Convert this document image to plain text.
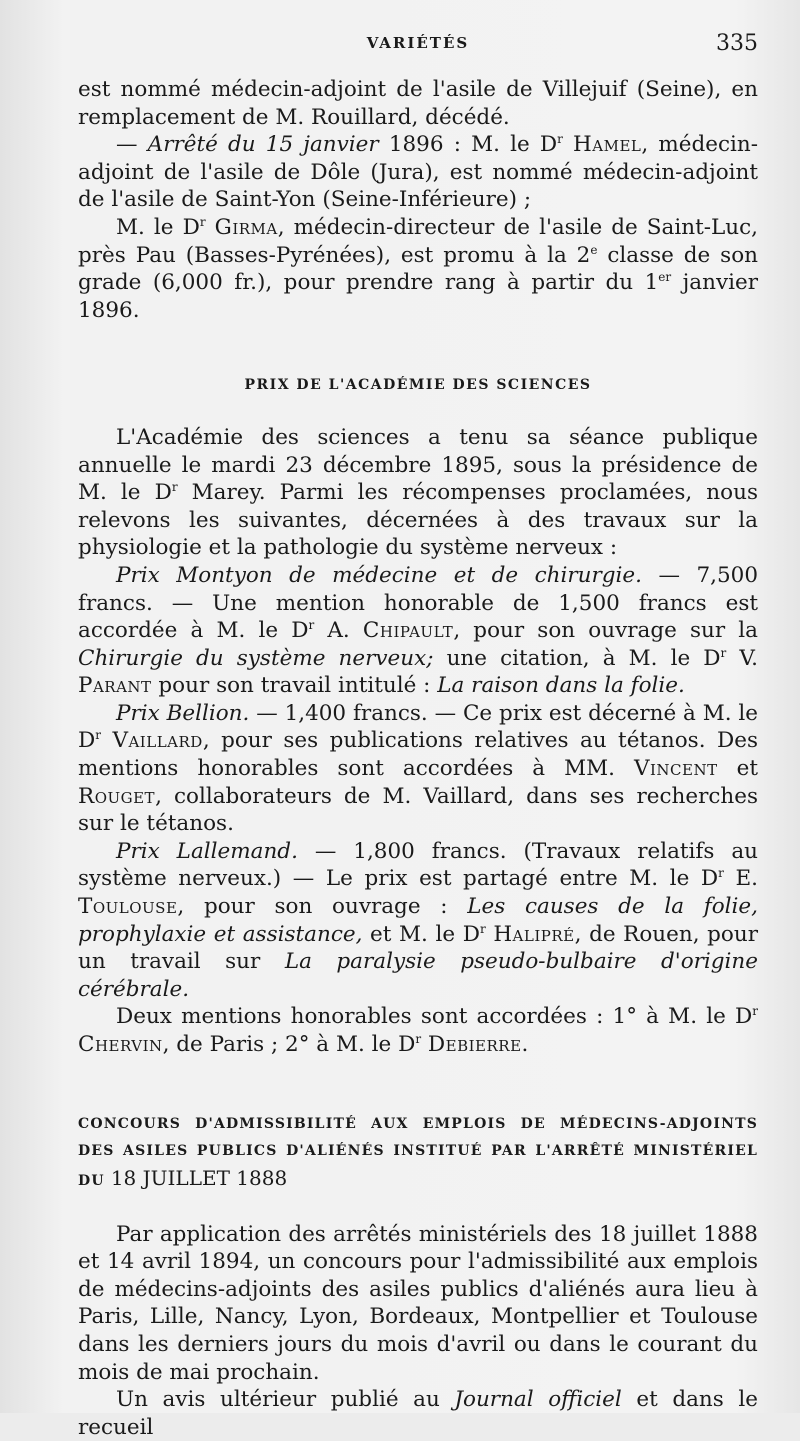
VARIÉTÉS	335

est nommé médecin-adjoint de l'asile de Villejuif (Seine), en remplacement de M. Rouillard, décédé.

— Arrêté du 15 janvier 1896 : M. le $D^r$ Hamel, médecin-adjoint de l'asile de Dôle (Jura), est nommé médecin-adjoint de l'asile de Saint-Yon (Seine-Inférieure) ;

M. le $D^r$ Girma, médecin-directeur de l'asile de Saint-Luc, près Pau (Basses-Pyrénées), est promu à la 2e classe de son grade (6,000 fr.), pour prendre rang à partir du 1er janvier 1896.

PRIX DE L'ACADÉMIE DES SCIENCES

L'Académie des sciences a tenu sa séance publique annuelle le mardi 23 décembre 1895, sous la présidence de M. le $D^r$ Marey. Parmi les récompenses proclamées, nous relevons les suivantes, décernées à des travaux sur la physiologie et la pathologie du système nerveux :

Prix Montyon de médecine et de chirurgie. — 7,500 francs. — Une mention honorable de 1,500 francs est accordée à M. le $D^r$ A. Chipault, pour son ouvrage sur la Chirurgie du système nerveux; une citation, à M. le $D^r$ V. Parant pour son travail intitulé : La raison dans la folie.

Prix Bellion. — 1,400 francs. — Ce prix est décerné à M. le $D^r$ Vaillard, pour ses publications relatives au tétanos. Des mentions honorables sont accordées à MM. Vincent et Rouget, collaborateurs de M. Vaillard, dans ses recherches sur le tétanos.

Prix Lallemand. — 1,800 francs. (Travaux relatifs au système nerveux.) — Le prix est partagé entre M. le $D^r$ E. Toulouse, pour son ouvrage : Les causes de la folie, prophylaxie et assistance, et M. le $D^r$ Halipré, de Rouen, pour un travail sur La paralysie pseudo-bulbaire d'origine cérébrale.

Deux mentions honorables sont accordées : 1° à M. le $D^r$ Chervin, de Paris ; 2° à M. le $D^r$ Debierre.

CONCOURS D'ADMISSIBILITÉ AUX EMPLOIS DE MÉDECINS-ADJOINTS DES ASILES PUBLICS D'ALIÉNÉS INSTITUÉ PAR L'ARRÊTÉ MINISTÉRIEL DU 18 JUILLET 1888

Par application des arrêtés ministériels des 18 juillet 1888 et 14 avril 1894, un concours pour l'admissibilité aux emplois de médecins-adjoints des asiles publics d'aliénés aura lieu à Paris, Lille, Nancy, Lyon, Bordeaux, Montpellier et Toulouse dans les derniers jours du mois d'avril ou dans le courant du mois de mai prochain.

Un avis ultérieur publié au Journal officiel et dans le recueil
